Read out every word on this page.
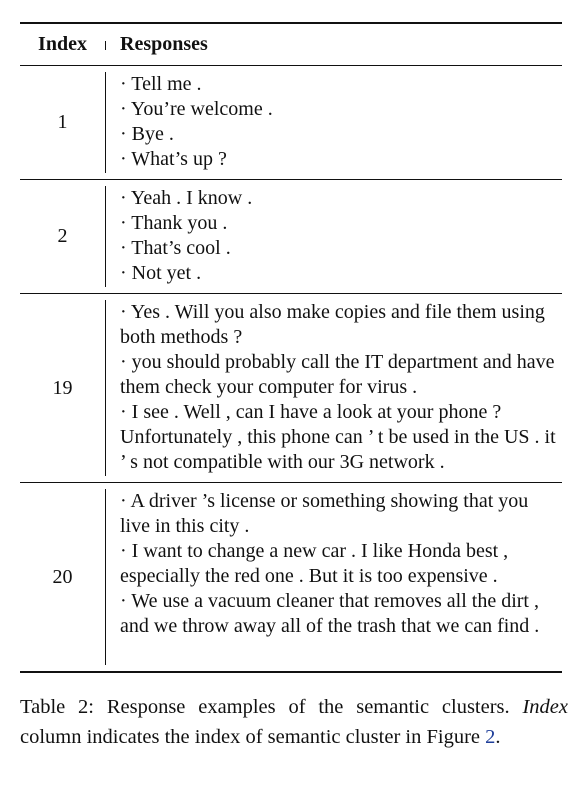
Index	Responses
1
· Tell me .
· You’re welcome .
· Bye .
· What’s up ?
2
· Yeah . I know .
· Thank you .
· That’s cool .
· Not yet .
19
· Yes . Will you also make copies and file them using both methods ?
· you should probably call the IT department and have them check your computer for virus .
· I see . Well , can I have a look at your phone ? Unfortunately , this phone can ’ t be used in the US . it ’ s not compatible with our 3G network .
20
· A driver ’s license or something showing that you live in this city .
· I want to change a new car . I like Honda best , especially the red one . But it is too expensive .
· We use a vacuum cleaner that removes all the dirt , and we throw away all of the trash that we can find .
Table 2: Response examples of the semantic clusters. Index column indicates the index of semantic cluster in Figure 2.
